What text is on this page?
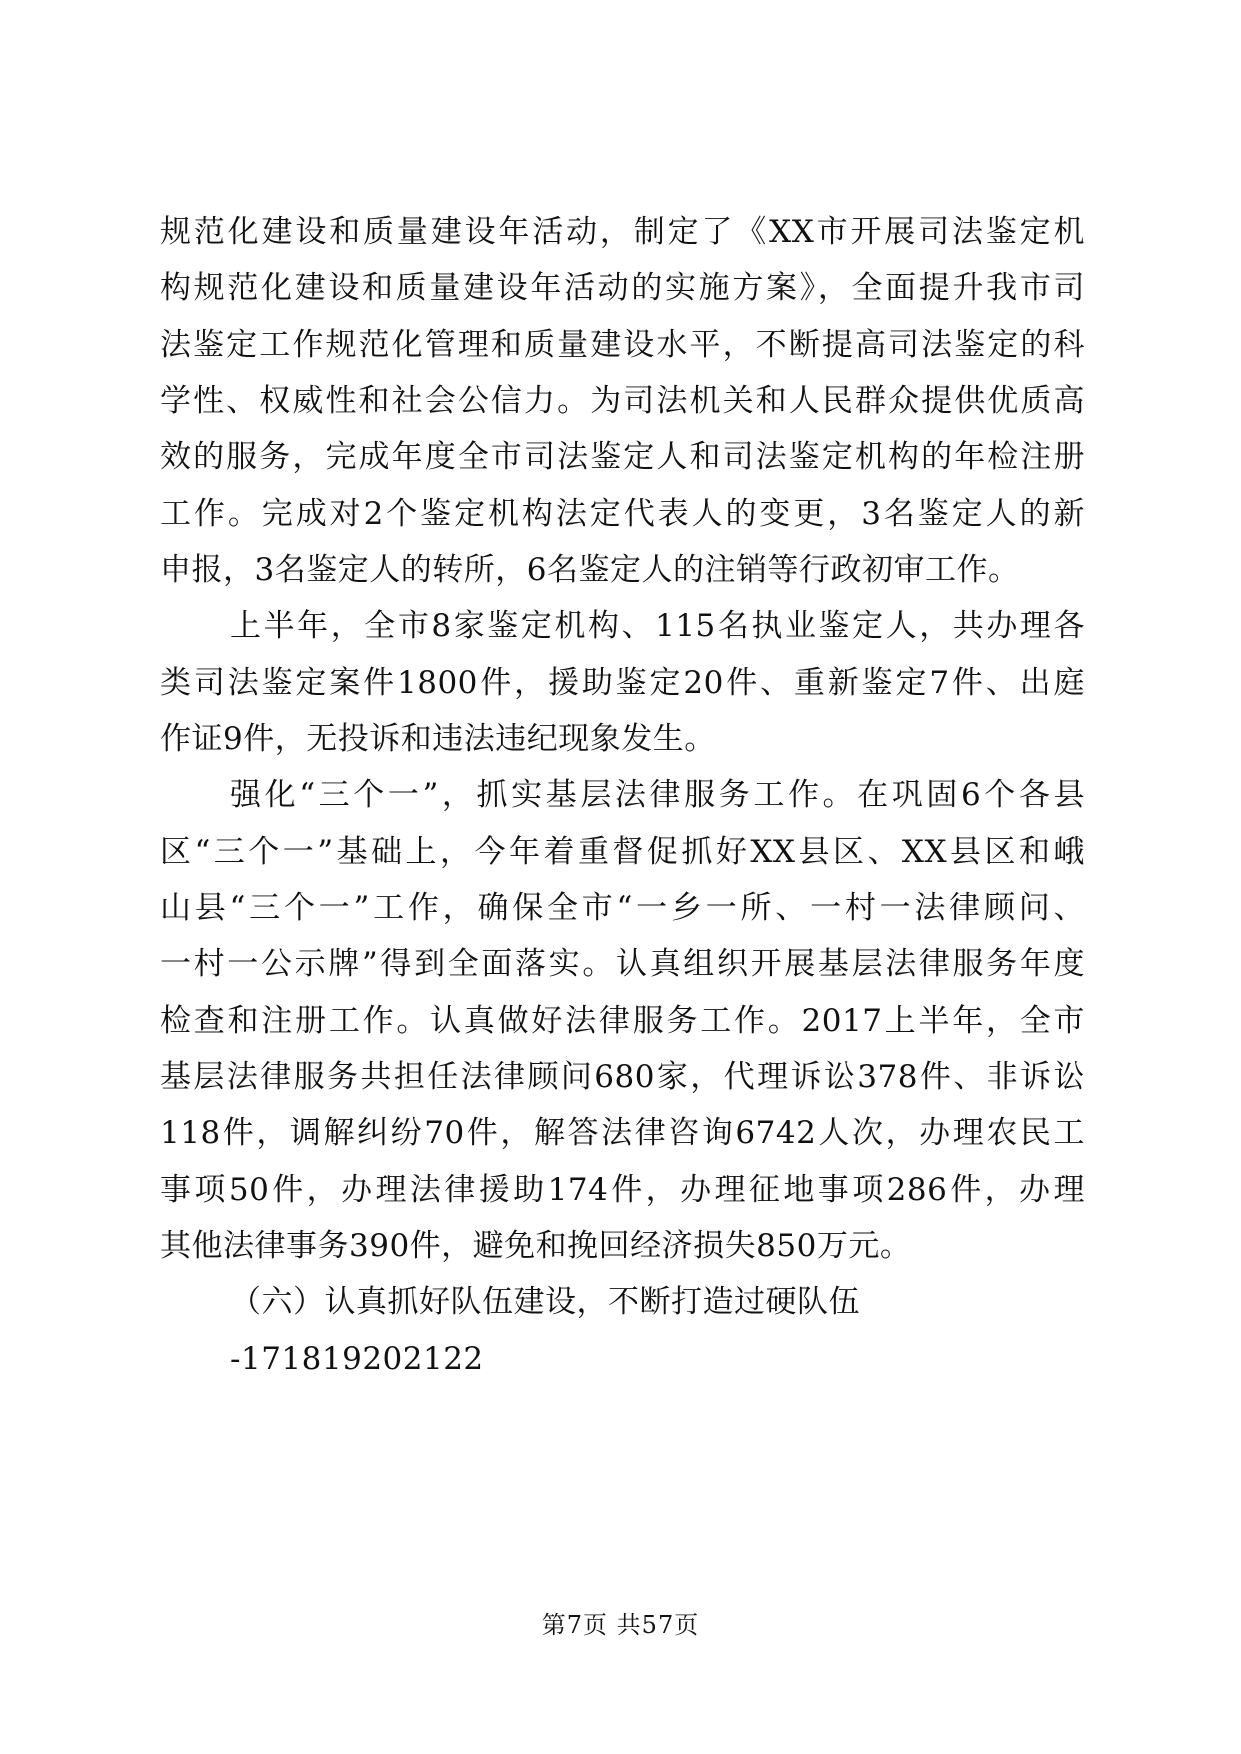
规范化建设和质量建设年活动，制定了《XX市开展司法鉴定机
构规范化建设和质量建设年活动的实施方案》，全面提升我市司
法鉴定工作规范化管理和质量建设水平，不断提高司法鉴定的科
学性、权威性和社会公信力。为司法机关和人民群众提供优质高
效的服务，完成年度全市司法鉴定人和司法鉴定机构的年检注册
工作。完成对2个鉴定机构法定代表人的变更，3名鉴定人的新
申报，3名鉴定人的转所，6名鉴定人的注销等行政初审工作。
上半年，全市8家鉴定机构、115名执业鉴定人，共办理各
类司法鉴定案件1800件，援助鉴定20件、重新鉴定7件、出庭
作证9件，无投诉和违法违纪现象发生。
强化“三个一”，抓实基层法律服务工作。在巩固6个各县
区“三个一”基础上，今年着重督促抓好XX县区、XX县区和峨
山县“三个一”工作，确保全市“一乡一所、一村一法律顾问、
一村一公示牌”得到全面落实。认真组织开展基层法律服务年度
检查和注册工作。认真做好法律服务工作。2017上半年，全市
基层法律服务共担任法律顾问680家，代理诉讼378件、非诉讼
118件，调解纠纷70件，解答法律咨询6742人次，办理农民工
事项50件，办理法律援助174件，办理征地事项286件，办理
其他法律事务390件，避免和挽回经济损失850万元。
（六）认真抓好队伍建设，不断打造过硬队伍
-171819202122
第7页 共57页
